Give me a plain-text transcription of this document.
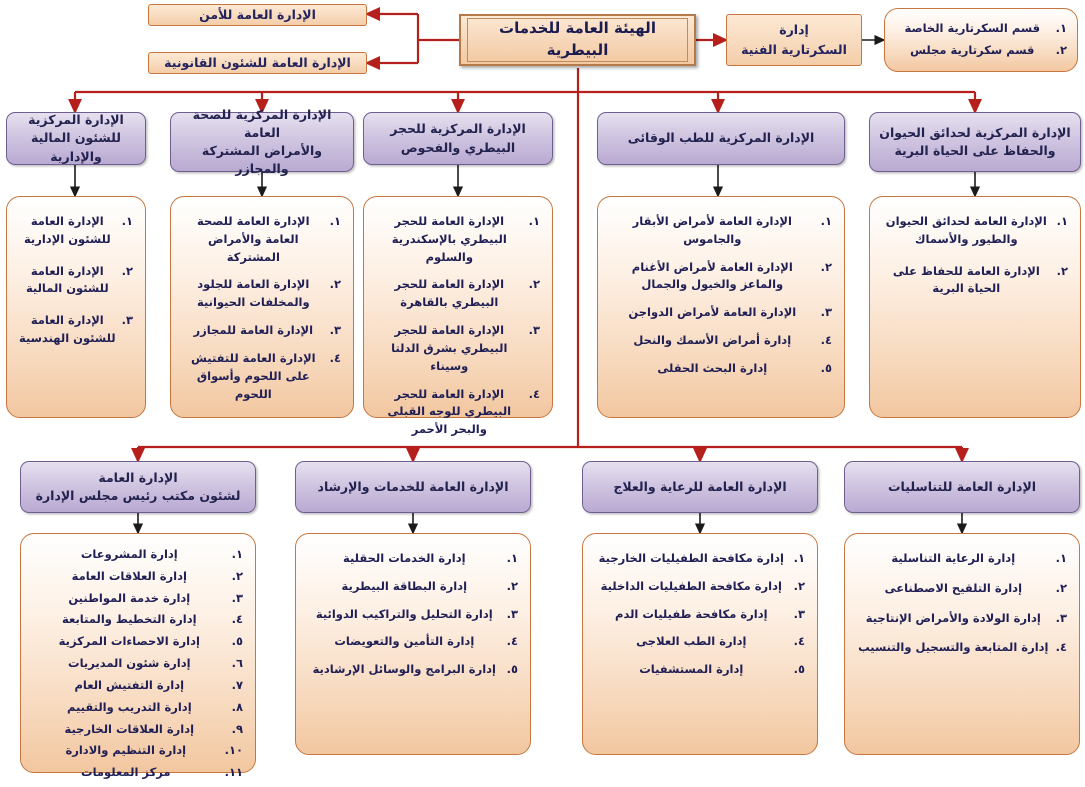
الهيئة العامة للخدمات البيطرية
الإدارة العامة للأمن
الإدارة العامة للشئون القانونية
إدارة
السكرتارية الفنية
١.
قسم السكرتارية الخاصة
٢.
قسم سكرتارية مجلس
الإدارة المركزية
للشئون المالية والإدارية
الإدارة المركزية للصحة العامة
والأمراض المشتركة والمجازر
الإدارة المركزية للحجر
البيطري والفحوص
الإدارة المركزية للطب الوقائى	الإدارة المركزية لحدائق الحيوان
والحفاظ على الحياة البرية
١.
الإدارة العامة للشئون الإدارية
٢.
الإدارة العامة للشئون المالية
٣.
الإدارة العامة للشئون الهندسية
١.
الإدارة العامة للصحة العامة والأمراض المشتركة
٢.
الإدارة العامة للجلود والمخلفات الحيوانية
٣.
الإدارة العامة للمجازر
٤.
الإدارة العامة للتفتيش على اللحوم وأسواق اللحوم
١.
الإدارة العامة للحجر البيطري بالإسكندرية والسلوم
٢.
الإدارة العامة للحجر البيطري بالقاهرة
٣.
الإدارة العامة للحجر البيطري بشرق الدلتا وسيناء
٤.
الإدارة العامة للحجر البيطري للوجه القبلى والبحر الأحمر
١.
الإدارة العامة لأمراض الأبقار والجاموس
٢.
الإدارة العامة لأمراض الأغنام والماعز والخيول والجمال
٣.
الإدارة العامة لأمراض الدواجن
٤.
إدارة أمراض الأسمك والنحل
٥.
إدارة البحث الحقلى
١.
الإدارة العامة لحدائق الحيوان والطيور والأسماك
٢.
الإدارة العامة للحفاظ على الحياة البرية
الإدارة العامة
لشئون مكتب رئيس مجلس الإدارة
الإدارة العامة للخدمات والإرشاد	الإدارة العامة للرعاية والعلاج	الإدارة العامة للتناسليات
١.
إدارة المشروعات
٢.
إدارة العلاقات العامة
٣.
إدارة خدمة المواطنين
٤.
إدارة التخطيط والمتابعة
٥.
إدارة الاحصاءات المركزية
٦.
إدارة شئون المديريات
٧.
إدارة التفتيش العام
٨.
إدارة التدريب والتقييم
٩.
إدارة العلاقات الخارجية
١٠.
إدارة التنظيم والادارة
١١.
مركز المعلومات
١.
إدارة الخدمات الحقلية
٢.
إدارة البطاقة البيطرية
٣.
إدارة التحليل والتراكيب الدوائية
٤.
إدارة التأمين والتعويضات
٥.
إدارة البرامج والوسائل الإرشادية
١.
إدارة مكافحة الطفيليات الخارجية
٢.
إدارة مكافحة الطفيليات الداخلية
٣.
إدارة مكافحة طفيليات الدم
٤.
إدارة الطب العلاجى
٥.
إدارة المستشفيات
١.
إدارة الرعاية التناسلية
٢.
إدارة التلقيح الاصطناعى
٣.
إدارة الولادة والأمراض الإنتاجية
٤.
إدارة المتابعة والتسجيل والتنسيب
